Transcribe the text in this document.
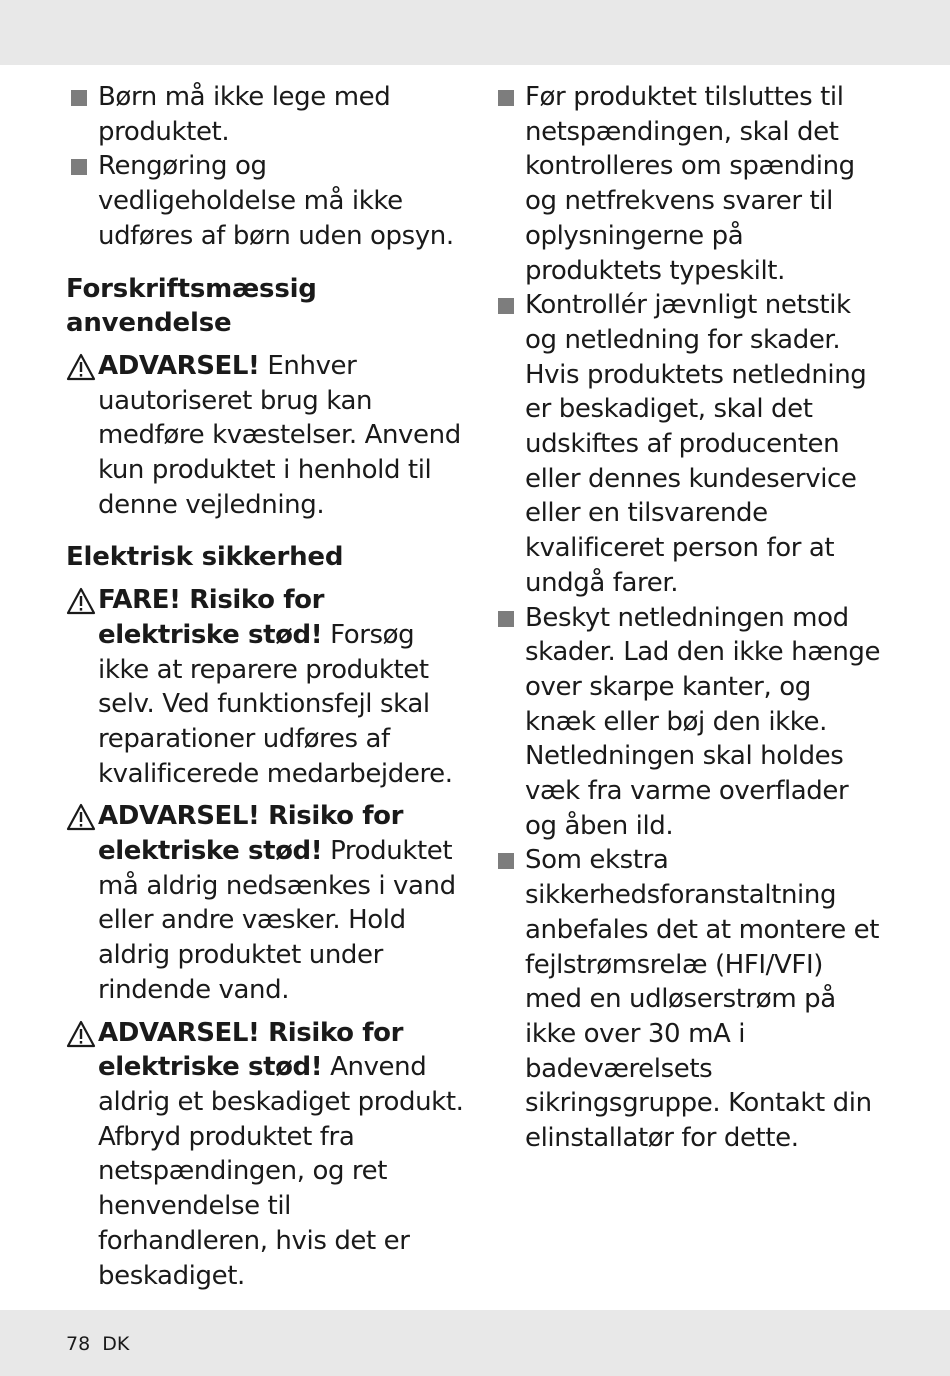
Børn må ikke lege med produktet.

Rengøring og vedligeholdelse må ikke udføres af børn uden opsyn.

Forskriftsmæssig anvendelse

ADVARSEL! Enhver uautoriseret brug kan medføre kvæstelser. Anvend kun produktet i henhold til denne vejledning.

Elektrisk sikkerhed

FARE! Risiko for elektriske stød! Forsøg ikke at reparere produktet selv. Ved funktionsfejl skal reparationer udføres af kvalificerede medarbejdere.

ADVARSEL! Risiko for elektriske stød! Produktet må aldrig nedsænkes i vand eller andre væsker. Hold aldrig produktet under rindende vand.

ADVARSEL! Risiko for elektriske stød! Anvend aldrig et beskadiget produkt. Afbryd produktet fra netspændingen, og ret henvendelse til forhandleren, hvis det er beskadiget.

Før produktet tilsluttes til netspændingen, skal det kontrolleres om spænding og netfrekvens svarer til oplysningerne på produktets typeskilt.

Kontrollér jævnligt netstik og netledning for skader. Hvis produktets netledning er beskadiget, skal det udskiftes af producenten eller dennes kundeservice eller en tilsvarende kvalificeret person for at undgå farer.

Beskyt netledningen mod skader. Lad den ikke hænge over skarpe kanter, og knæk eller bøj den ikke. Netledningen skal holdes væk fra varme overflader og åben ild.

Som ekstra sikkerhedsforanstaltning anbefales det at montere et fejlstrømsrelæ (HFI/VFI) med en udløserstrøm på ikke over 30 mA i badeværelsets sikringsgruppe. Kontakt din elinstallatør for dette.

78 DK
